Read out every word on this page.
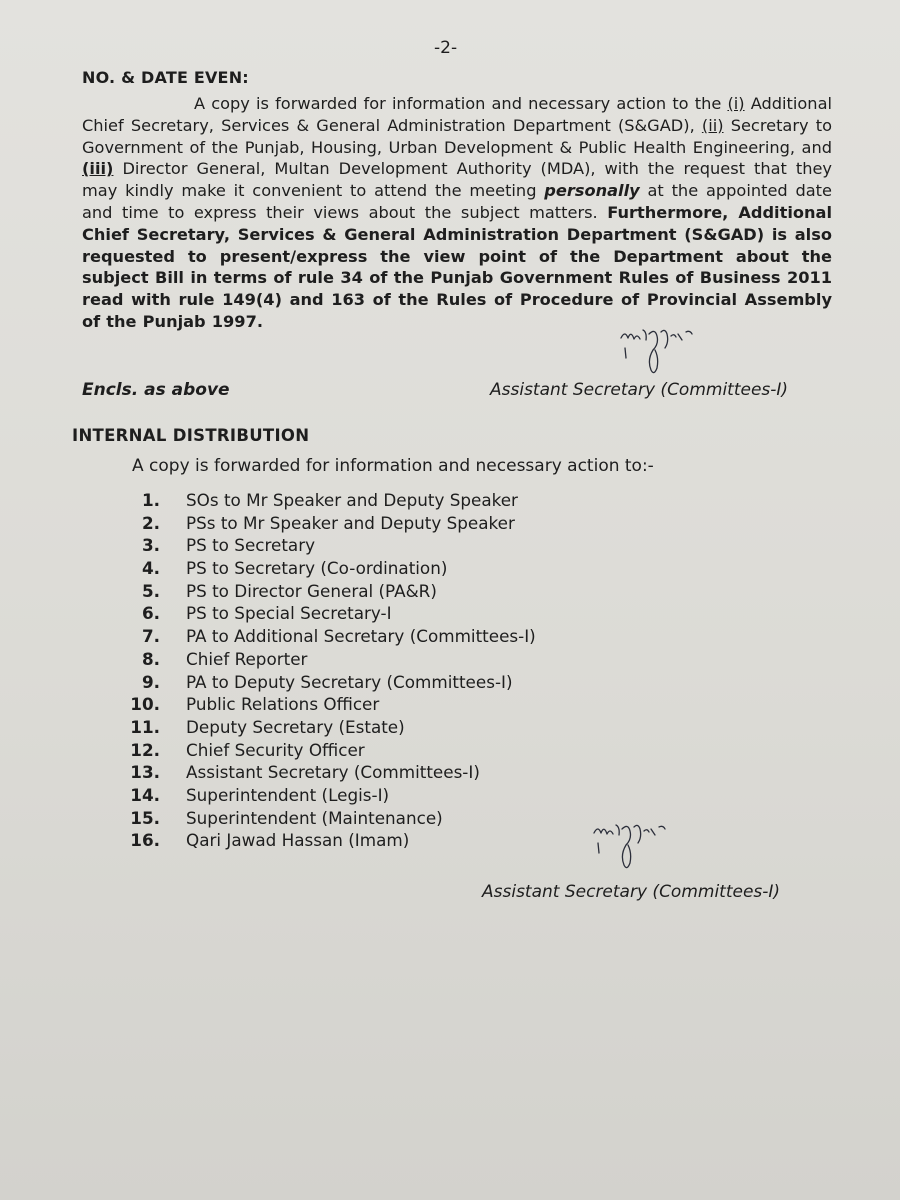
-2-
NO. & DATE EVEN:
A copy is forwarded for information and necessary action to the (i) Additional Chief Secretary, Services & General Administration Department (S&GAD), (ii) Secretary to Government of the Punjab, Housing, Urban Development & Public Health Engineering, and (iii) Director General, Multan Development Authority (MDA), with the request that they may kindly make it convenient to attend the meeting personally at the appointed date and time to express their views about the subject matters. Furthermore, Additional Chief Secretary, Services & General Administration Department (S&GAD) is also requested to present/express the view point of the Department about the subject Bill in terms of rule 34 of the Punjab Government Rules of Business 2011 read with rule 149(4) and 163 of the Rules of Procedure of Provincial Assembly of the Punjab 1997.
Encls. as above	Assistant Secretary (Committees-I)
INTERNAL DISTRIBUTION
A copy is forwarded for information and necessary action to:-
1. SOs to Mr Speaker and Deputy Speaker
2. PSs to Mr Speaker and Deputy Speaker
3. PS to Secretary
4. PS to Secretary (Co-ordination)
5. PS to Director General (PA&R)
6. PS to Special Secretary-I
7. PA to Additional Secretary (Committees-I)
8. Chief Reporter
9. PA to Deputy Secretary (Committees-I)
10. Public Relations Officer
11. Deputy Secretary (Estate)
12. Chief Security Officer
13. Assistant Secretary (Committees-I)
14. Superintendent (Legis-I)
15. Superintendent (Maintenance)
16. Qari Jawad Hassan (Imam)
Assistant Secretary (Committees-I)
